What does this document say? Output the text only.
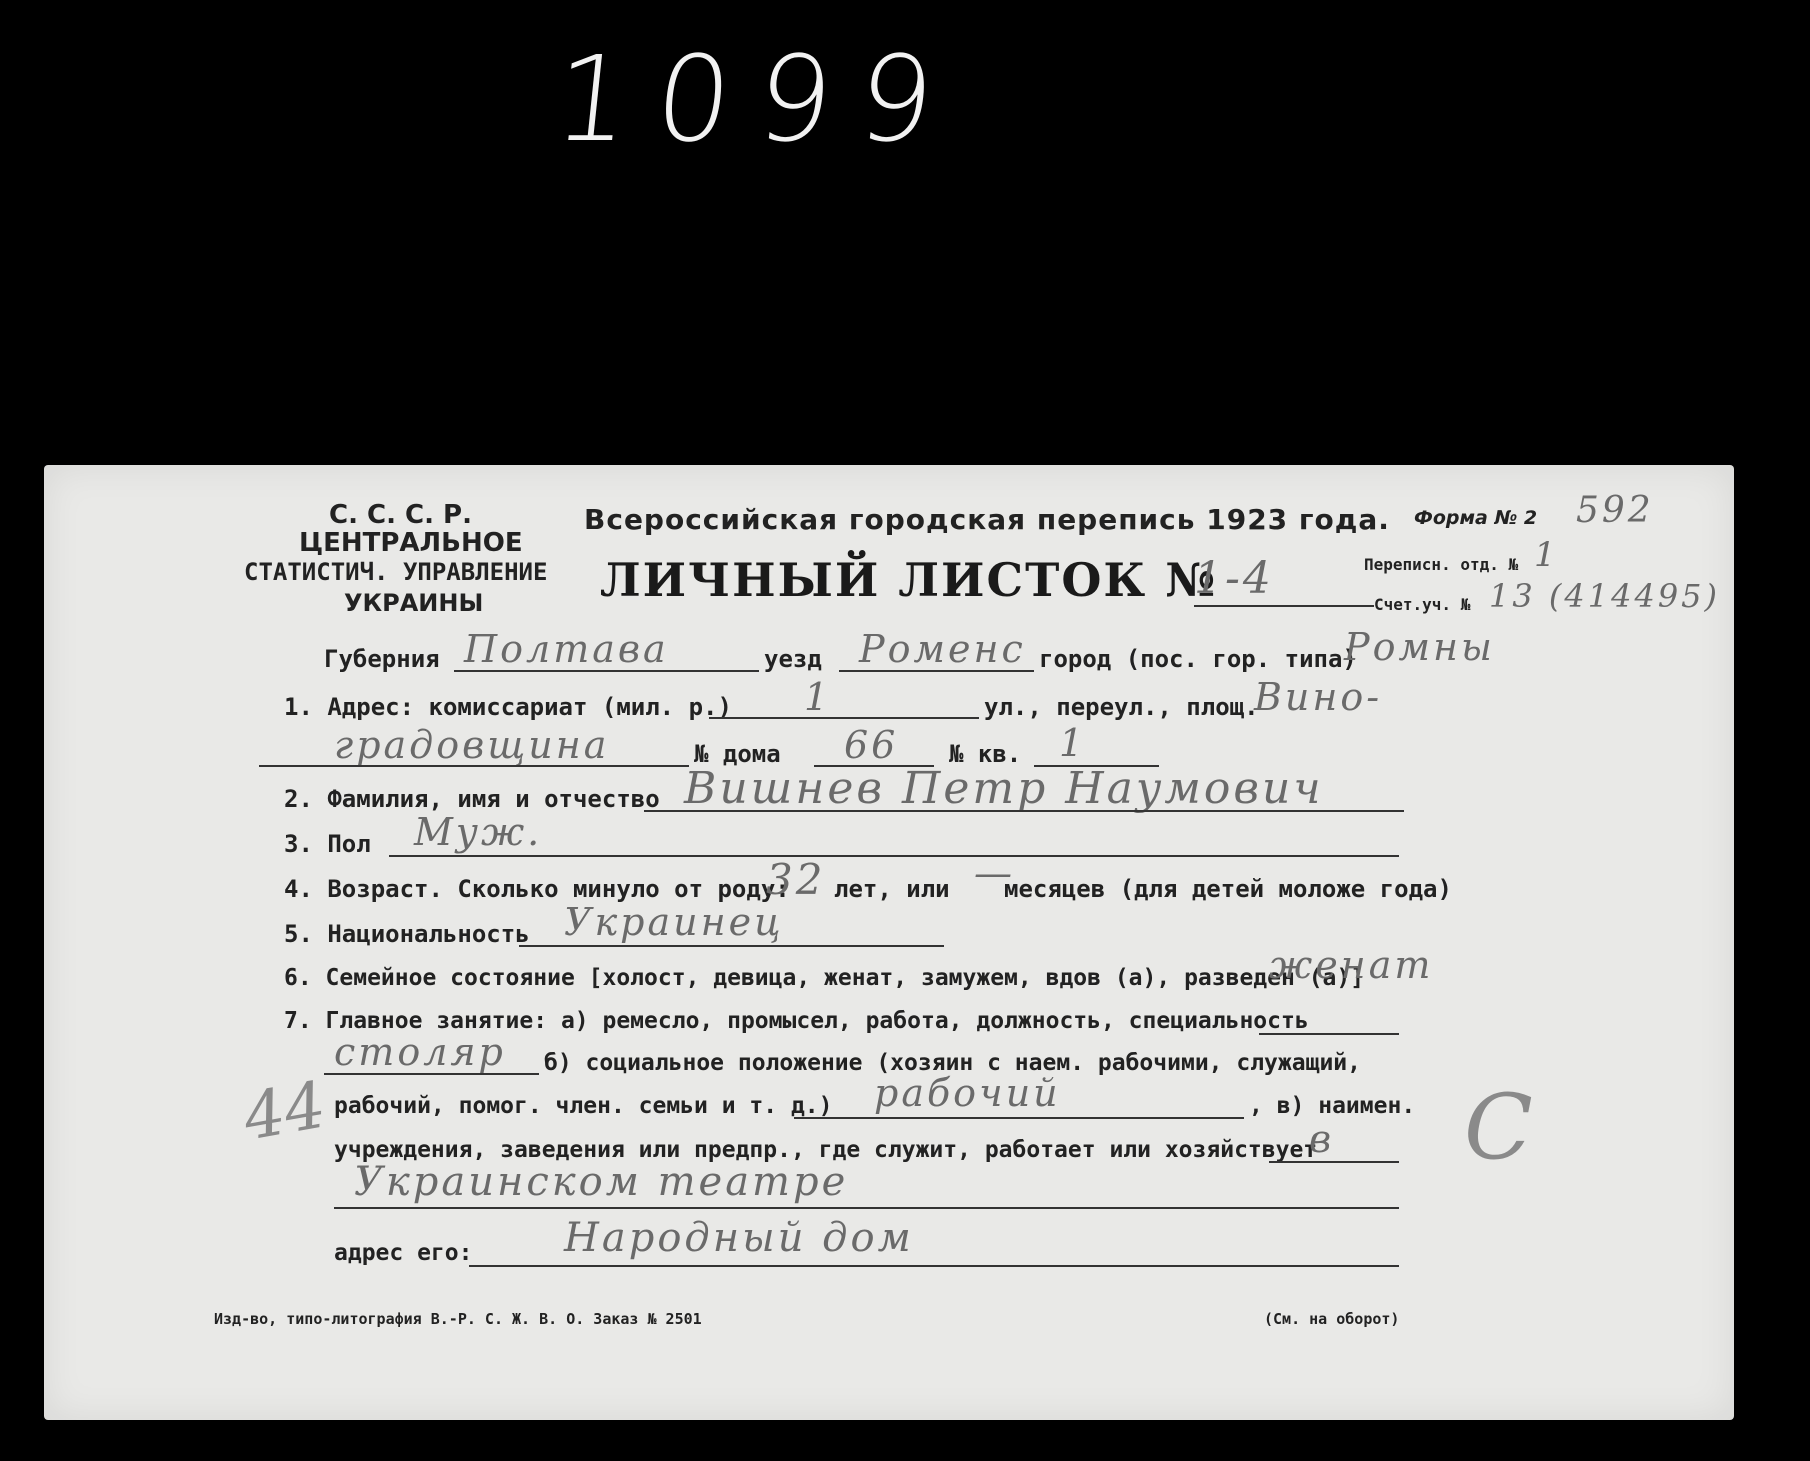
1099
С. С. С. Р.
ЦЕНТРАЛЬНОЕ
СТАТИСТИЧ. УПРАВЛЕНИЕ
УКРАИНЫ
Всероссийская городская перепись 1923 года. Форма № 2 592
ЛИЧНЫЙ ЛИСТОК №
1-4	Переписн. отд. № 1
Счет.уч. № 13 (414495)
Губерния Полтава	уезд Роменс город (пос. гор. типа)
Ромны
1. Адрес: комиссариат (мил. р.) 1	ул., переул., площ.
Вино-
градовщина	№ дома 66 № кв. 1
2. Фамилия, имя и отчество Вишнев Петр Наумович
3. Пол Муж.
4. Возраст. Сколько минуло от роду:
32 лет, или —
месяцев (для детей моложе года)
5. Национальность Украинец
6. Семейное состояние [холост, девица, женат, замужем, вдов (а), разведен (а)]
женат
7. Главное занятие: а) ремесло, промысел, работа, должность, специальность
столяр б) социальное положение (хозяин с наем. рабочими, служащий,
рабочий, помог. член. семьи и т. д.) рабочий	, в) наимен.
учреждения, заведения или предпр., где служит, работает или хозяйствует
в
Украинском театре
адрес его: Народный дом
Изд-во, типо-литография В.-Р. С. Ж. В. О. Заказ № 2501	(См. на оборот)
44	С
